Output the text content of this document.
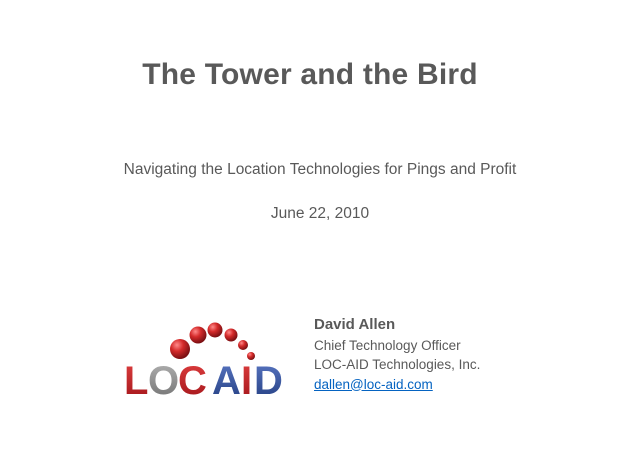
The Tower and the Bird
Navigating the Location Technologies for Pings and Profit
June 22, 2010
L O C A I D
David Allen
Chief Technology Officer
LOC-AID Technologies, Inc.
dallen@loc-aid.com
